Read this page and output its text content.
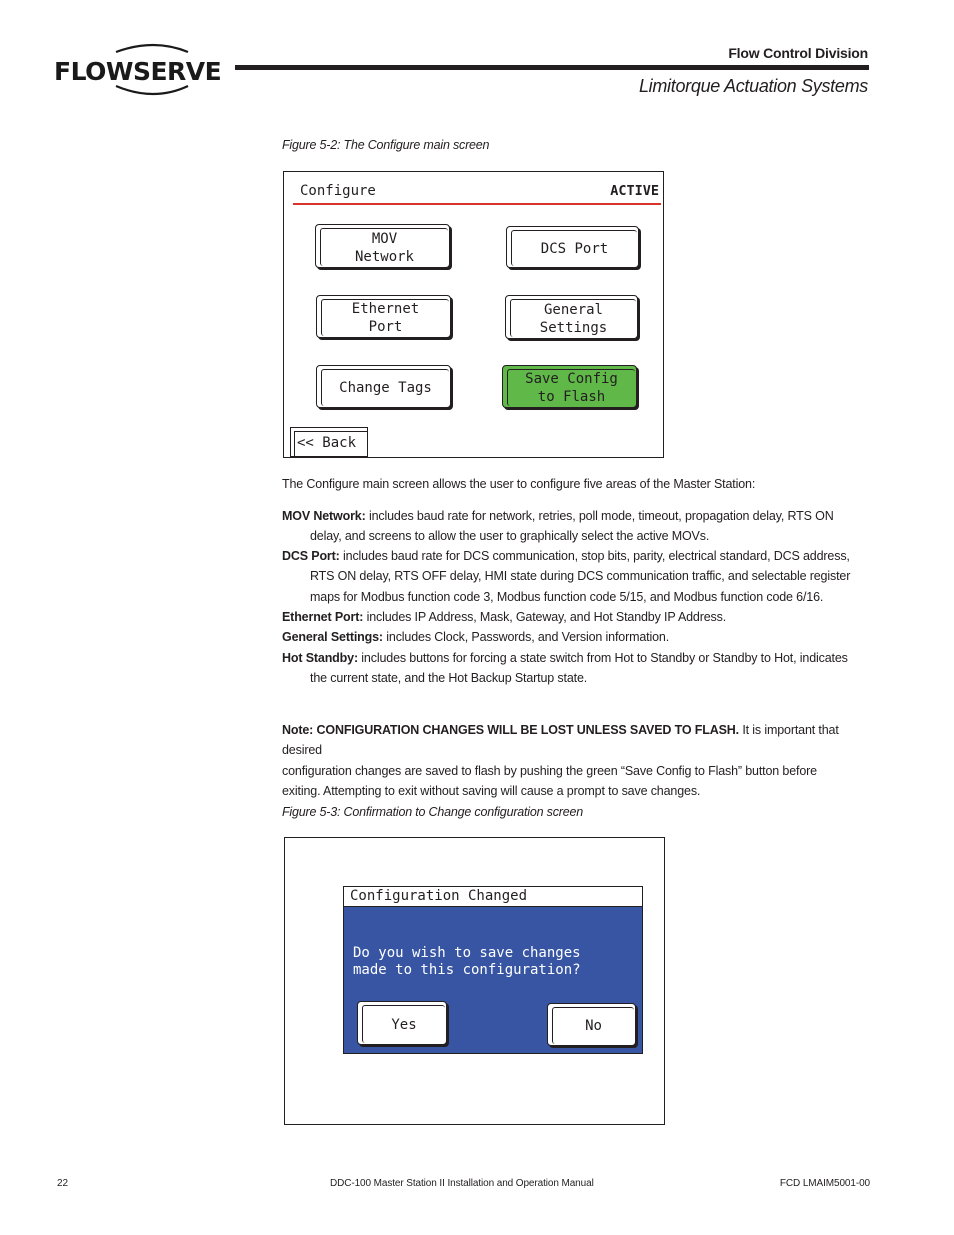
FLOWSERVE
Flow Control Division
Limitorque Actuation Systems
Figure 5-2: The Configure main screen
Configure	ACTIVE
MOV
Network	DCS Port
Ethernet
Port
General
Settings
Change Tags
Save Config
to Flash
<< Back
The Configure main screen allows the user to configure five areas of the Master Station:
MOV Network: includes baud rate for network, retries, poll mode, timeout, propagation delay, RTS ON
delay, and screens to allow the user to graphically select the active MOVs.
DCS Port: includes baud rate for DCS communication, stop bits, parity, electrical standard, DCS address,
RTS ON delay, RTS OFF delay, HMI state during DCS communication traffic, and selectable register
maps for Modbus function code 3, Modbus function code 5/15, and Modbus function code 6/16.
Ethernet Port: includes IP Address, Mask, Gateway, and Hot Standby IP Address.
General Settings: includes Clock, Passwords, and Version information.
Hot Standby: includes buttons for forcing a state switch from Hot to Standby or Standby to Hot, indicates
the current state, and the Hot Backup Startup state.
Note: CONFIGURATION CHANGES WILL BE LOST UNLESS SAVED TO FLASH. It is important that desired
configuration changes are saved to flash by pushing the green “Save Config to Flash” button before
exiting. Attempting to exit without saving will cause a prompt to save changes.
Figure 5-3: Confirmation to Change configuration screen
Configuration Changed
Do you wish to save changes
made to this configuration?
Yes	No
22	DDC-100 Master Station II Installation and Operation Manual	FCD LMAIM5001-00
